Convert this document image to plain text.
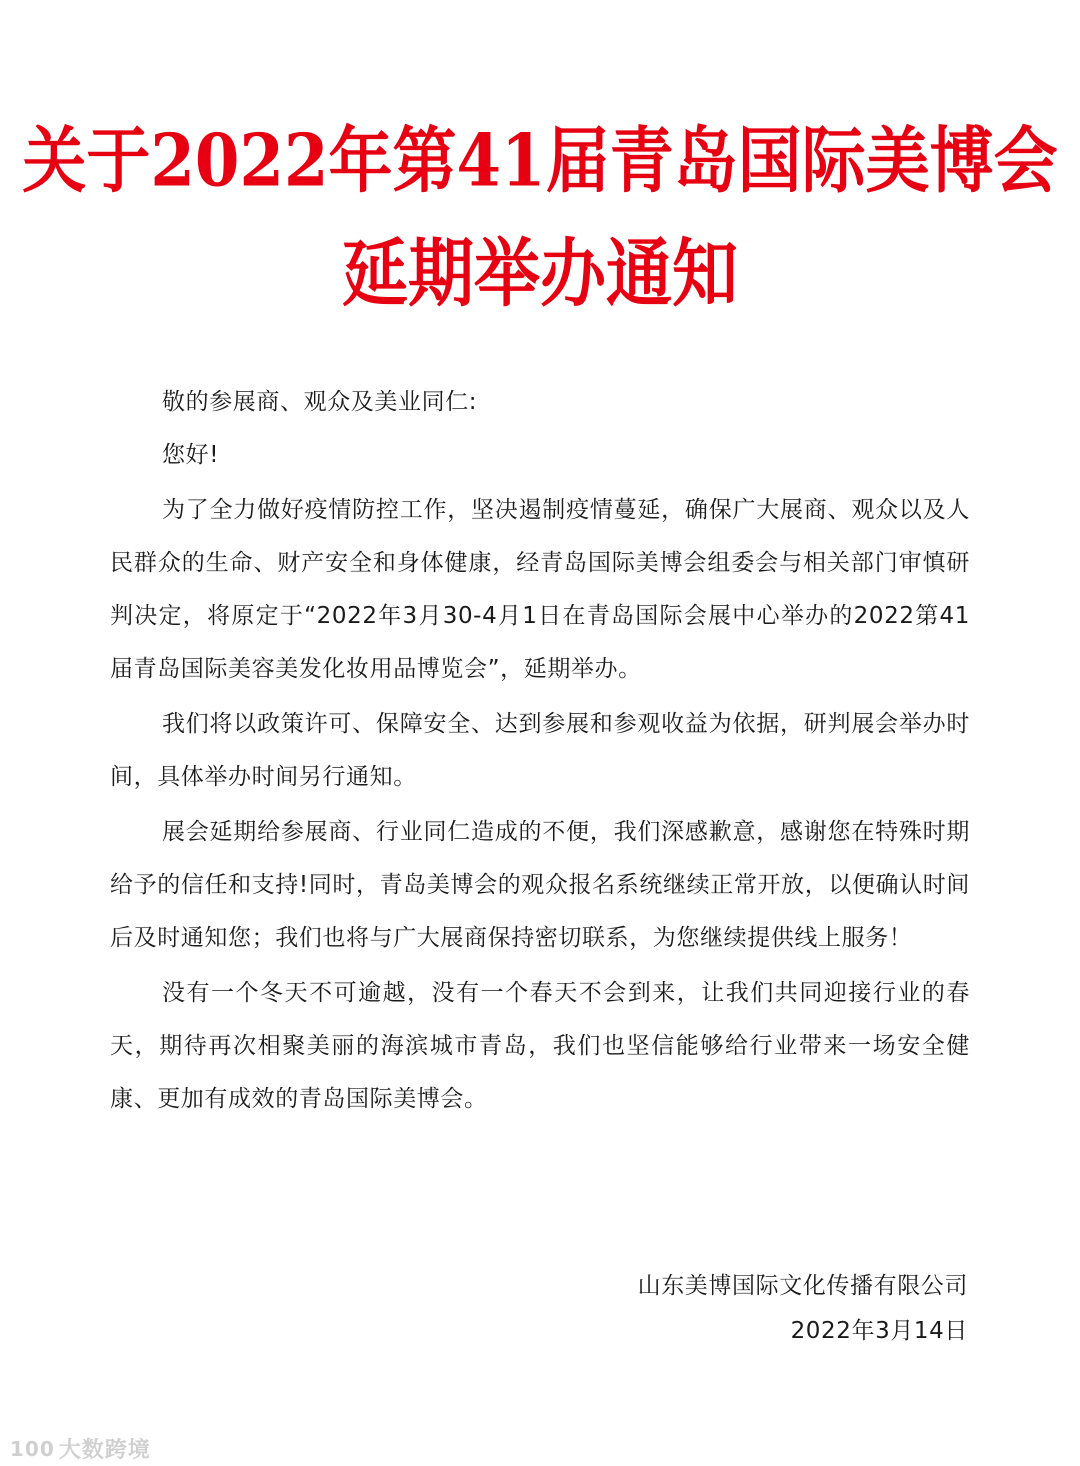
关于2022年第41届青岛国际美博会
延期举办通知

敬的参展商、观众及美业同仁:

您好!

为了全力做好疫情防控工作，坚决遏制疫情蔓延，确保广大展商、观众以及人民群众的生命、财产安全和身体健康，经青岛国际美博会组委会与相关部门审慎研判决定，将原定于“2022年3月30-4月1日在青岛国际会展中心举办的2022第41届青岛国际美容美发化妆用品博览会”，延期举办。

我们将以政策许可、保障安全、达到参展和参观收益为依据，研判展会举办时间，具体举办时间另行通知。

展会延期给参展商、行业同仁造成的不便，我们深感歉意，感谢您在特殊时期给予的信任和支持!同时，青岛美博会的观众报名系统继续正常开放，以便确认时间后及时通知您；我们也将与广大展商保持密切联系，为您继续提供线上服务！

没有一个冬天不可逾越，没有一个春天不会到来，让我们共同迎接行业的春天，期待再次相聚美丽的海滨城市青岛，我们也坚信能够给行业带来一场安全健康、更加有成效的青岛国际美博会。

山东美博国际文化传播有限公司
2022年3月14日
100 大数跨境
